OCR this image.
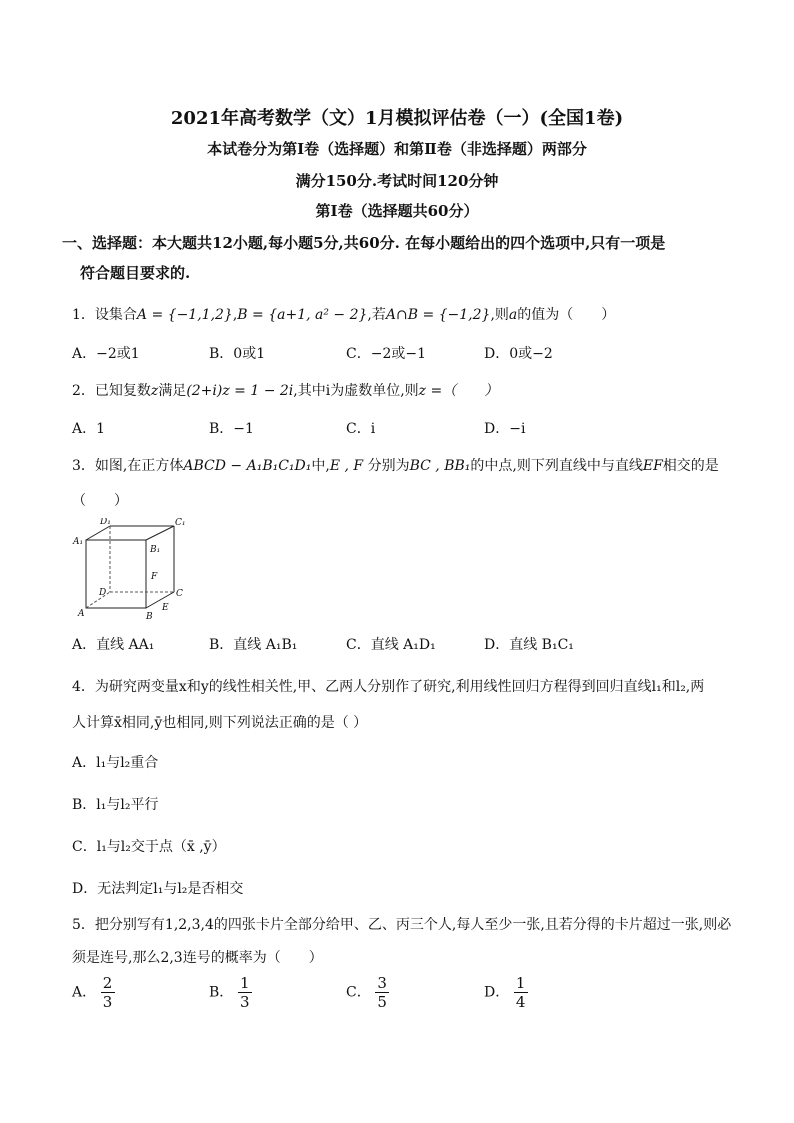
2021年高考数学（文）1月模拟评估卷（一）(全国1卷)
本试卷分为第Ⅰ卷（选择题）和第Ⅱ卷（非选择题）两部分
满分150分.考试时间120分钟
第Ⅰ卷（选择题共60分）
一、选择题：本大题共12小题,每小题5分,共60分. 在每小题给出的四个选项中,只有一项是
符合题目要求的.
1．设集合A = {−1,1,2},B = {a+1, a² − 2},若A∩B = {−1,2},则a的值为（　　）
A．−2或1	B．0或1	C．−2或−1	D．0或−2
2．已知复数z满足(2+i)z = 1 − 2i,其中i为虚数单位,则z =（　　）
A．1	B．−1	C．i	D．−i
3．如图,在正方体ABCD − A₁B₁C₁D₁中,E , F 分别为BC , BB₁的中点,则下列直线中与直线EF相交的是
（　　）
D₁	C₁
A₁
B₁
F
D	C
A	B
E
A．直线 AA₁	B．直线 A₁B₁	C．直线 A₁D₁	D．直线 B₁C₁
4．为研究两变量x和y的线性相关性,甲、乙两人分别作了研究,利用线性回归方程得到回归直线l₁和l₂,两
人计算x̄相同,ȳ也相同,则下列说法正确的是（ ）
A．l₁与l₂重合
B．l₁与l₂平行
C．l₁与l₂交于点（x̄ ,ȳ）
D．无法判定l₁与l₂是否相交
5．把分别写有1,2,3,4的四张卡片全部分给甲、乙、丙三个人,每人至少一张,且若分得的卡片超过一张,则必
须是连号,那么2,3连号的概率为（　　）
A． $\frac{2}{3}$	B． $\frac{1}{3}$	C． $\frac{3}{5}$	D． $\frac{1}{4}$
